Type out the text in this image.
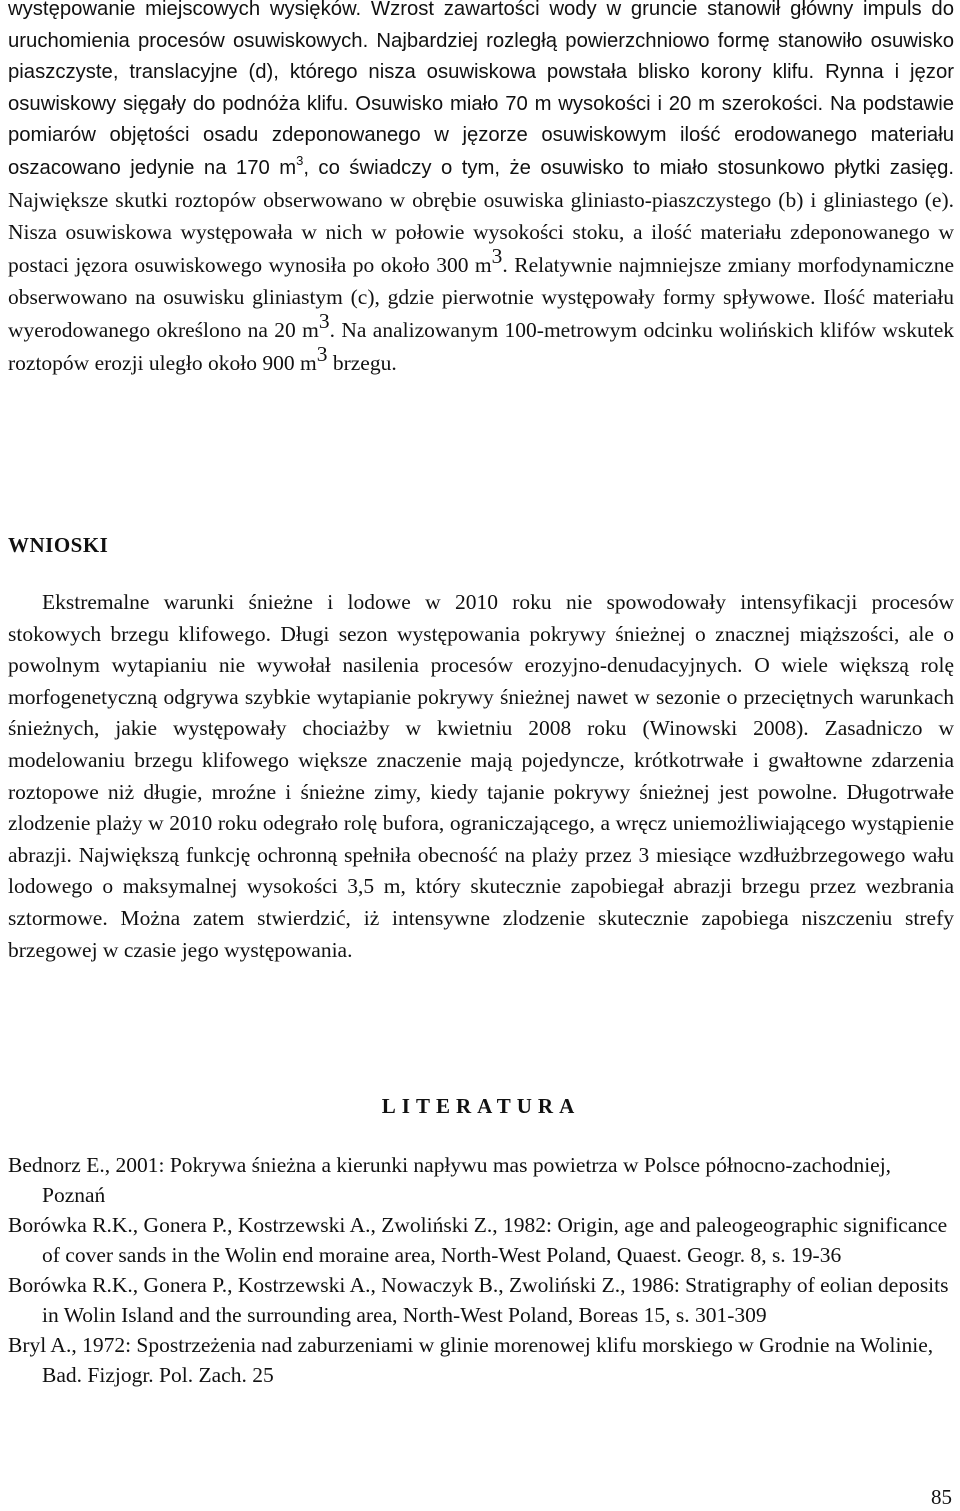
występowanie miejscowych wysięków. Wzrost zawartości wody w gruncie stanowił główny impuls do uruchomienia procesów osuwiskowych. Najbardziej rozległą powierzchniowo formę stanowiło osuwisko piaszczyste, translacyjne (d), którego nisza osuwiskowa powstała blisko korony klifu. Rynna i jęzor osuwiskowy sięgały do podnóża klifu. Osuwisko miało 70 m wysokości i 20 m szerokości. Na podstawie pomiarów objętości osadu zdeponowanego w jęzorze osuwiskowym ilość erodowanego materiału oszacowano jedynie na 170 $m^3$, co świadczy o tym, że osuwisko to miało stosunkowo płytki zasięg. Największe skutki roztopów obserwowano w obrębie osuwiska gliniasto-piaszczystego (b) i gliniastego (e). Nisza osuwiskowa występowała w nich w połowie wysokości stoku, a ilość materiału zdeponowanego w postaci jęzora osuwiskowego wynosiła po około 300 $m^3$. Relatywnie najmniejsze zmiany morfodynamiczne obserwowano na osuwisku gliniastym (c), gdzie pierwotnie występowały formy spływowe. Ilość materiału wyerodowanego określono na 20 $m^3$. Na analizowanym 100-metrowym odcinku wolińskich klifów wskutek roztopów erozji uległo około 900 $m^3$ brzegu.

WNIOSKI

Ekstremalne warunki śnieżne i lodowe w 2010 roku nie spowodowały intensyfikacji procesów stokowych brzegu klifowego. Długi sezon występowania pokrywy śnieżnej o znacznej miąższości, ale o powolnym wytapianiu nie wywołał nasilenia procesów erozyjno-denudacyjnych. O wiele większą rolę morfogenetyczną odgrywa szybkie wytapianie pokrywy śnieżnej nawet w sezonie o przeciętnych warunkach śnieżnych, jakie występowały chociażby w kwietniu 2008 roku (Winowski 2008). Zasadniczo w modelowaniu brzegu klifowego większe znaczenie mają pojedyncze, krótkotrwałe i gwałtowne zdarzenia roztopowe niż długie, mroźne i śnieżne zimy, kiedy tajanie pokrywy śnieżnej jest powolne. Długotrwałe zlodzenie plaży w 2010 roku odegrało rolę bufora, ograniczającego, a wręcz uniemożliwiającego wystąpienie abrazji. Największą funkcję ochronną spełniła obecność na plaży przez 3 miesiące wzdłużbrzegowego wału lodowego o maksymalnej wysokości 3,5 m, który skutecznie zapobiegał abrazji brzegu przez wezbrania sztormowe. Można zatem stwierdzić, iż intensywne zlodzenie skutecznie zapobiega niszczeniu strefy brzegowej w czasie jego występowania.

LITERATURA

Bednorz E., 2001: Pokrywa śnieżna a kierunki napływu mas powietrza w Polsce północno-zachodniej, Poznań

Borówka R.K., Gonera P., Kostrzewski A., Zwoliński Z., 1982: Origin, age and paleogeographic significance of cover sands in the Wolin end moraine area, North-West Poland, Quaest. Geogr. 8, s. 19-36

Borówka R.K., Gonera P., Kostrzewski A., Nowaczyk B., Zwoliński Z., 1986: Stratigraphy of eolian deposits in Wolin Island and the surrounding area, North-West Poland, Boreas 15, s. 301-309

Bryl A., 1972: Spostrzeżenia nad zaburzeniami w glinie morenowej klifu morskiego w Grodnie na Wolinie, Bad. Fizjogr. Pol. Zach. 25

85
